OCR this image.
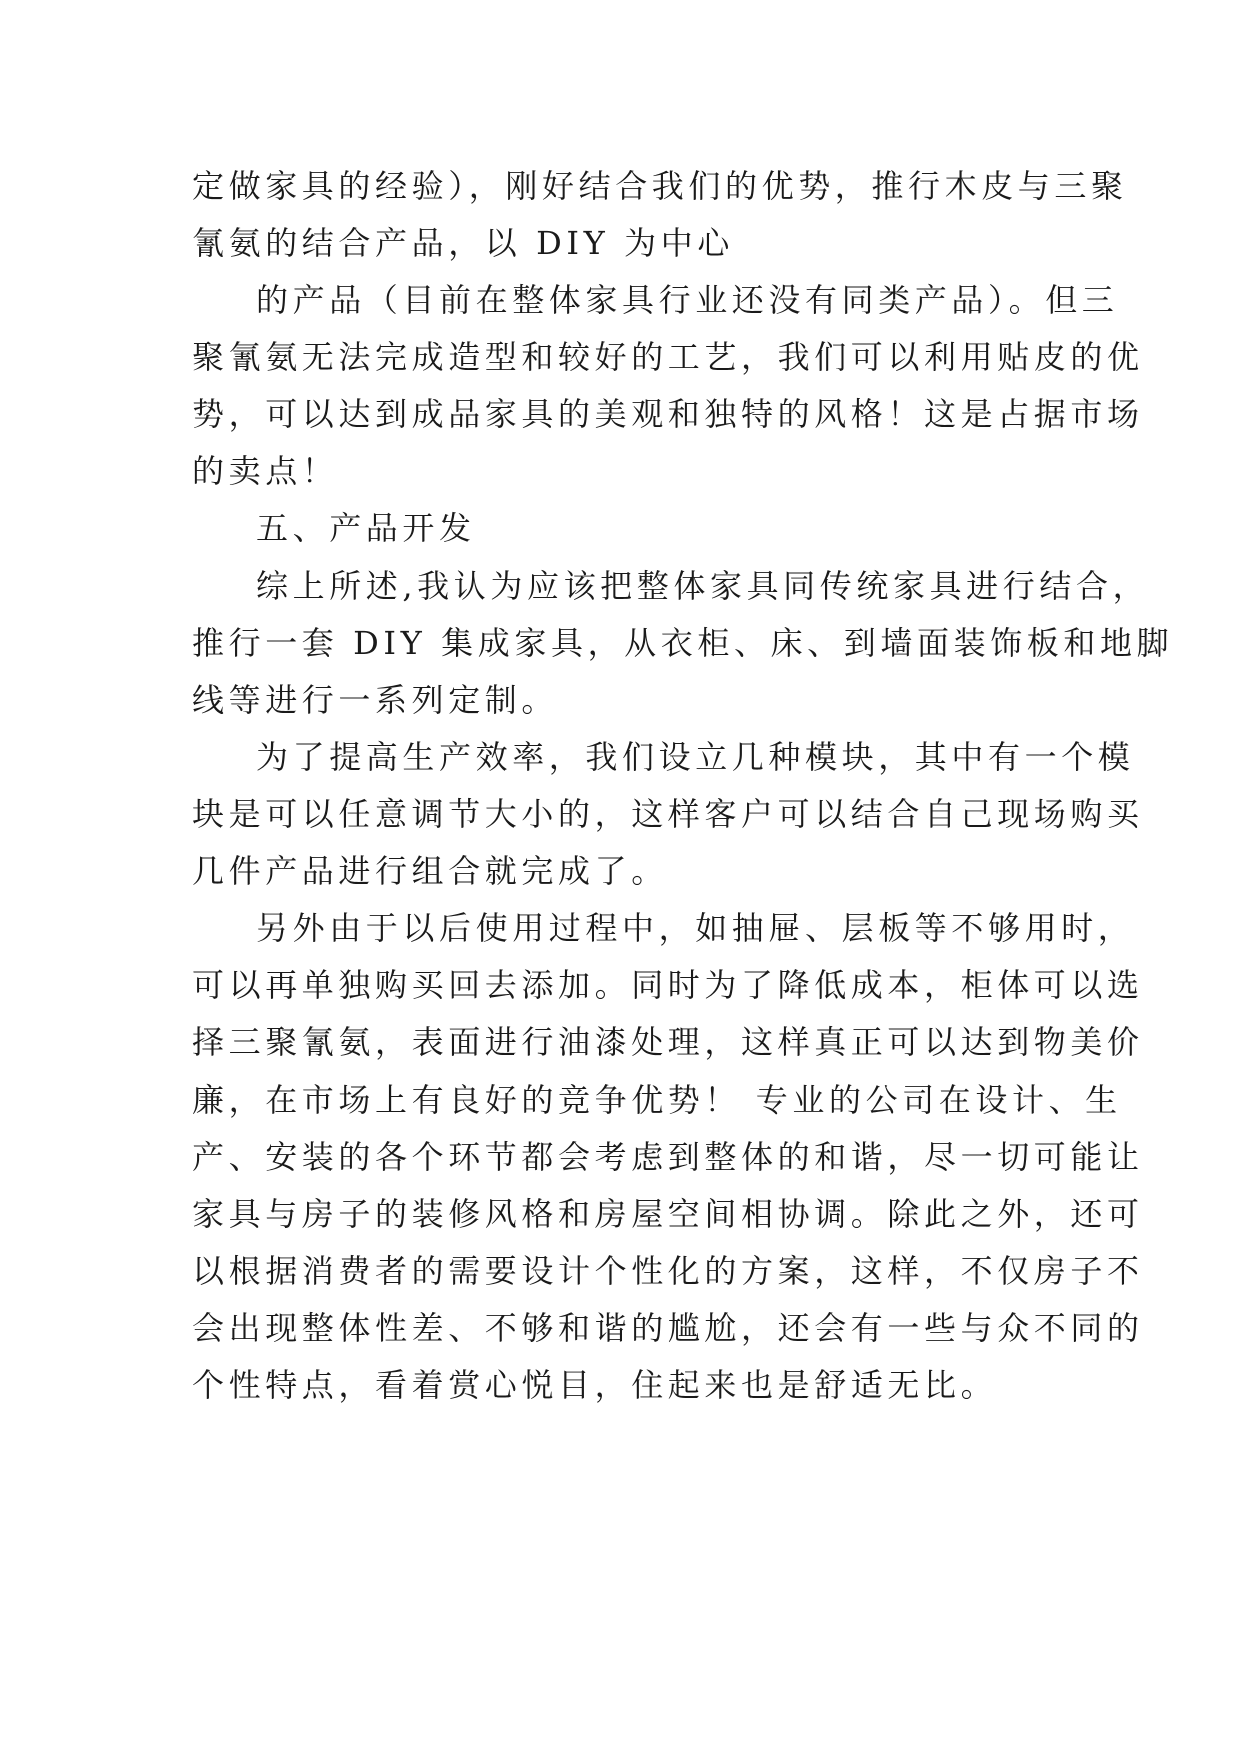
定做家具的经验），刚好结合我们的优势，推行木皮与三聚
氰氨的结合产品，以 DIY 为中心
的产品（目前在整体家具行业还没有同类产品）。但三
聚氰氨无法完成造型和较好的工艺，我们可以利用贴皮的优
势，可以达到成品家具的美观和独特的风格！这是占据市场
的卖点！
五、产品开发
综上所述,我认为应该把整体家具同传统家具进行结合，
推行一套 DIY 集成家具，从衣柜、床、到墙面装饰板和地脚
线等进行一系列定制。
为了提高生产效率，我们设立几种模块，其中有一个模
块是可以任意调节大小的，这样客户可以结合自己现场购买
几件产品进行组合就完成了。
另外由于以后使用过程中，如抽屉、层板等不够用时，
可以再单独购买回去添加。同时为了降低成本，柜体可以选
择三聚氰氨，表面进行油漆处理，这样真正可以达到物美价
廉，在市场上有良好的竞争优势！ 专业的公司在设计、生
产、安装的各个环节都会考虑到整体的和谐，尽一切可能让
家具与房子的装修风格和房屋空间相协调。除此之外，还可
以根据消费者的需要设计个性化的方案，这样，不仅房子不
会出现整体性差、不够和谐的尴尬，还会有一些与众不同的
个性特点，看着赏心悦目，住起来也是舒适无比。
